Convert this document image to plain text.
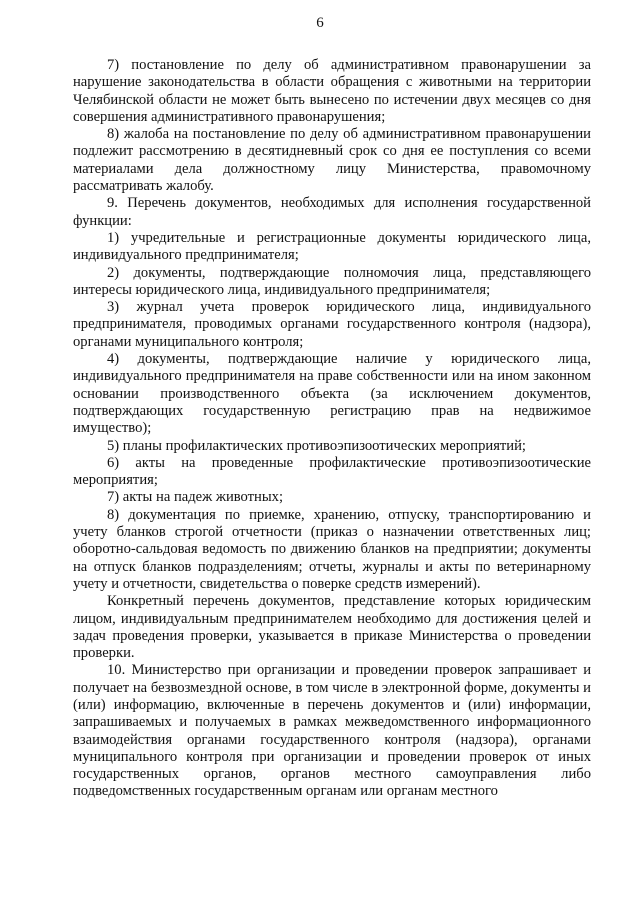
6

7) постановление по делу об административном правонарушении за нарушение законодательства в области обращения с животными на территории Челябинской области не может быть вынесено по истечении двух месяцев со дня совершения административного правонарушения;

8) жалоба на постановление по делу об административном правонарушении подлежит рассмотрению в десятидневный срок со дня ее поступления со всеми материалами дела должностному лицу Министерства, правомочному рассматривать жалобу.

9. Перечень документов, необходимых для исполнения государственной функции:

1) учредительные и регистрационные документы юридического лица, индивидуального предпринимателя;

2) документы, подтверждающие полномочия лица, представляющего интересы юридического лица, индивидуального предпринимателя;

3) журнал учета проверок юридического лица, индивидуального предпринимателя, проводимых органами государственного контроля (надзора), органами муниципального контроля;

4) документы, подтверждающие наличие у юридического лица, индивидуального предпринимателя на праве собственности или на ином законном основании производственного объекта (за исключением документов, подтверждающих государственную регистрацию прав на недвижимое имущество);

5) планы профилактических противоэпизоотических мероприятий;

6) акты на проведенные профилактические противоэпизоотические мероприятия;

7) акты на падеж животных;

8) документация по приемке, хранению, отпуску, транспортированию и учету бланков строгой отчетности (приказ о назначении ответственных лиц; оборотно-сальдовая ведомость по движению бланков на предприятии; документы на отпуск бланков подразделениям; отчеты, журналы и акты по ветеринарному учету и отчетности, свидетельства о поверке средств измерений).

Конкретный перечень документов, представление которых юридическим лицом, индивидуальным предпринимателем необходимо для достижения целей и задач проведения проверки, указывается в приказе Министерства о проведении проверки.

10. Министерство при организации и проведении проверок запрашивает и получает на безвозмездной основе, в том числе в электронной форме, документы и (или) информацию, включенные в перечень документов и (или) информации, запрашиваемых и получаемых в рамках межведомственного информационного взаимодействия органами государственного контроля (надзора), органами муниципального контроля при организации и проведении проверок от иных государственных органов, органов местного самоуправления либо подведомственных государственным органам или органам местного
